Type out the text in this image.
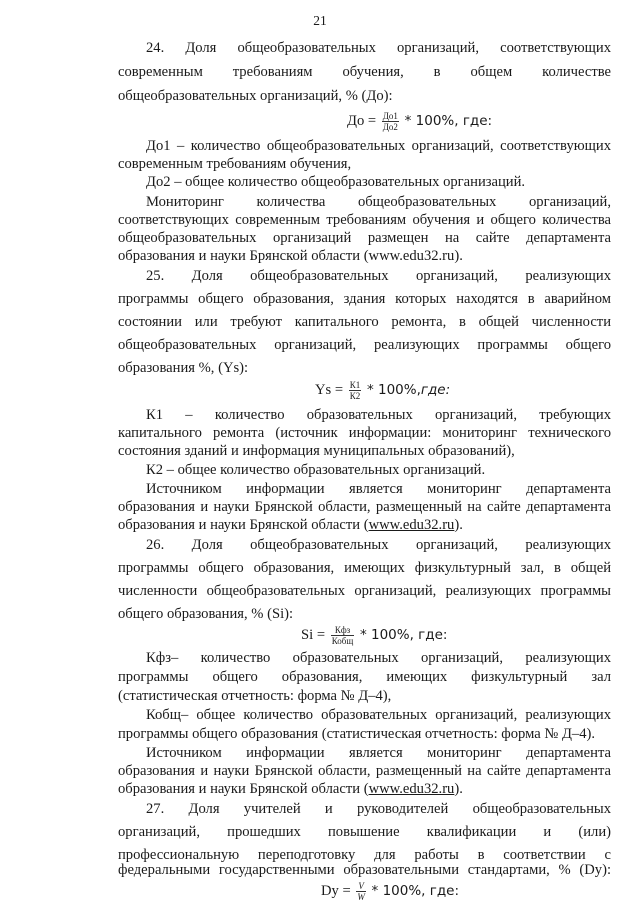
21
24. Доля общеобразовательных организаций, соответствующих
современным требованиям обучения, в общем количестве
общеобразовательных организаций, % (До):
До = $\frac{До1}{До2} * 100\%$, где:
До1 – количество общеобразовательных организаций, соответствующих
современным требованиям обучения,
До2 – общее количество общеобразовательных организаций.
Мониторинг количества общеобразовательных организаций,
соответствующих современным требованиям обучения и общего количества
общеобразовательных организаций размещен на сайте департамента
образования и науки Брянской области (www.edu32.ru).
25. Доля общеобразовательных организаций, реализующих
программы общего образования, здания которых находятся в аварийном
состоянии или требуют капитального ремонта, в общей численности
общеобразовательных организаций, реализующих программы общего
образования %, (Ys):
$Ys = \frac{К1}{К2} * 100\%,где$:
К1 – количество образовательных организаций, требующих
капитального ремонта (источник информации: мониторинг технического
состояния зданий и информация муниципальных образований),
К2 – общее количество образовательных организаций.
Источником информации является мониторинг департамента
образования и науки Брянской области, размещенный на сайте департамента
образования и науки Брянской области (www.edu32.ru).
26. Доля общеобразовательных организаций, реализующих
программы общего образования, имеющих физкультурный зал, в общей
численности общеобразовательных организаций, реализующих программы
общего образования, % (Si):
$Si = \frac{\text{Кфз}}{\text{Кобщ}} * 100\%$, где:
Кфз– количество образовательных организаций, реализующих
программы общего образования, имеющих физкультурный зал
(статистическая отчетность: форма № Д–4),
Кобщ– общее количество образовательных организаций, реализующих
программы общего образования (статистическая отчетность: форма № Д–4).
Источником информации является мониторинг департамента
образования и науки Брянской области, размещенный на сайте департамента
образования и науки Брянской области (www.edu32.ru).
27. Доля учителей и руководителей общеобразовательных
организаций, прошедших повышение квалификации и (или)
профессиональную переподготовку для работы в соответствии с
федеральными государственными образовательными стандартами, % (Dy):
$Dy = \frac{V}{W} * 100\%$, где:
